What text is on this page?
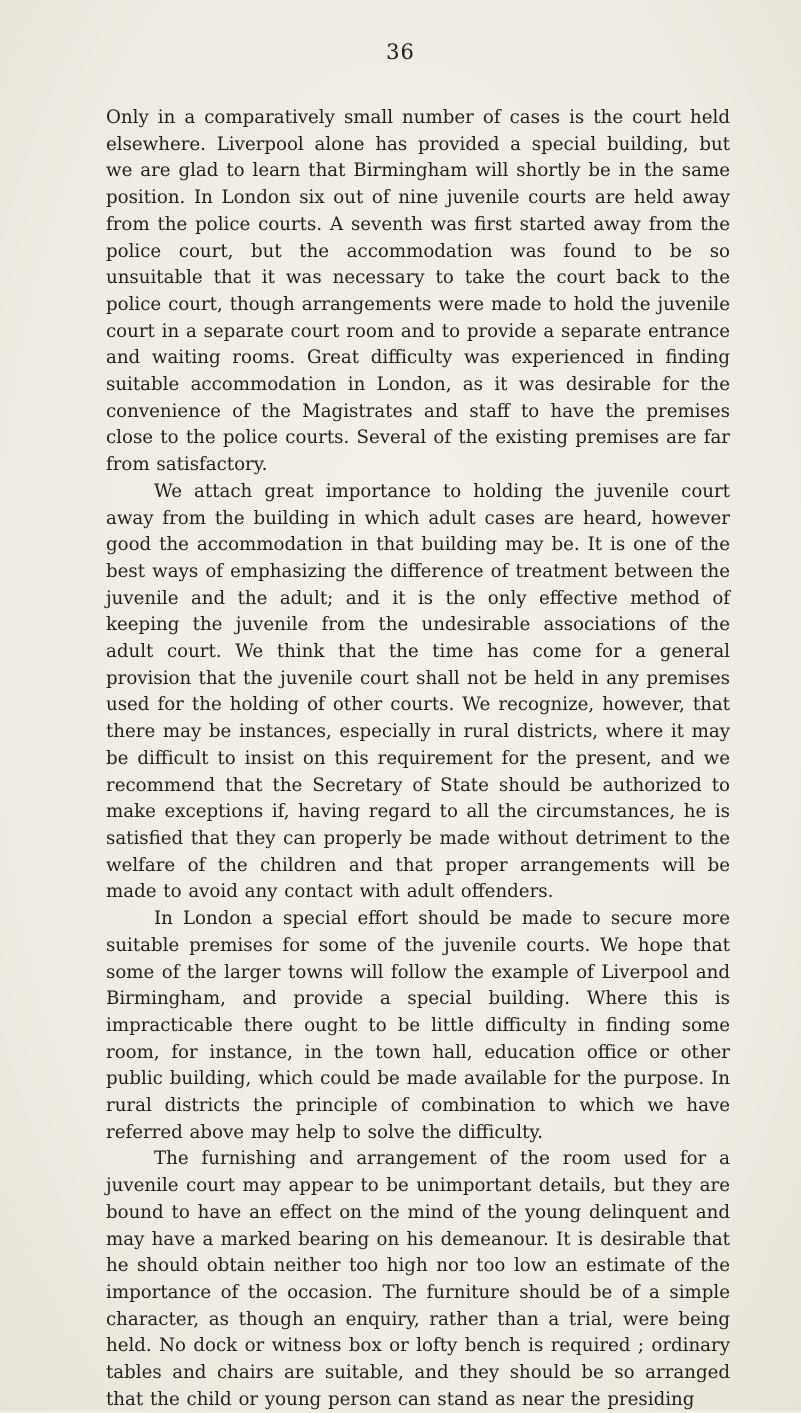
36

Only in a comparatively small number of cases is the court held elsewhere. Liverpool alone has provided a special building, but we are glad to learn that Birmingham will shortly be in the same position. In London six out of nine juvenile courts are held away from the police courts. A seventh was first started away from the police court, but the accommodation was found to be so unsuitable that it was necessary to take the court back to the police court, though arrangements were made to hold the juvenile court in a separate court room and to provide a separate entrance and waiting rooms. Great difficulty was experienced in finding suitable accommodation in London, as it was desirable for the convenience of the Magistrates and staff to have the premises close to the police courts. Several of the existing premises are far from satisfactory.

We attach great importance to holding the juvenile court away from the building in which adult cases are heard, however good the accommodation in that building may be. It is one of the best ways of emphasizing the difference of treatment between the juvenile and the adult; and it is the only effective method of keeping the juvenile from the undesirable associations of the adult court. We think that the time has come for a general provision that the juvenile court shall not be held in any premises used for the holding of other courts. We recognize, however, that there may be instances, especially in rural districts, where it may be difficult to insist on this requirement for the present, and we recommend that the Secretary of State should be authorized to make exceptions if, having regard to all the circumstances, he is satisfied that they can properly be made without detriment to the welfare of the children and that proper arrangements will be made to avoid any contact with adult offenders.

In London a special effort should be made to secure more suitable premises for some of the juvenile courts. We hope that some of the larger towns will follow the example of Liverpool and Birmingham, and provide a special building. Where this is impracticable there ought to be little difficulty in finding some room, for instance, in the town hall, education office or other public building, which could be made available for the purpose. In rural districts the principle of combination to which we have referred above may help to solve the difficulty.

The furnishing and arrangement of the room used for a juvenile court may appear to be unimportant details, but they are bound to have an effect on the mind of the young delinquent and may have a marked bearing on his demeanour. It is desirable that he should obtain neither too high nor too low an estimate of the importance of the occasion. The furniture should be of a simple character, as though an enquiry, rather than a trial, were being held. No dock or witness box or lofty bench is required ; ordinary tables and chairs are suitable, and they should be so arranged that the child or young person can stand as near the presiding
